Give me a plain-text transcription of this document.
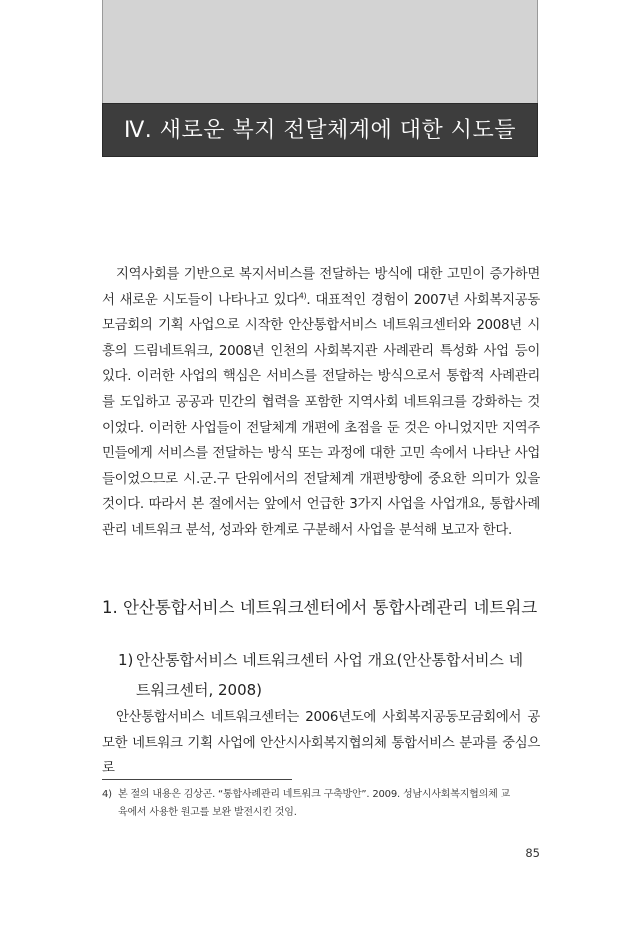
Ⅳ. 새로운 복지 전달체계에 대한 시도들

지역사회를 기반으로 복지서비스를 전달하는 방식에 대한 고민이 증가하면서 새로운 시도들이 나타나고 있다$^{4)}$. 대표적인 경험이 2007년 사회복지공동모금회의 기획 사업으로 시작한 안산통합서비스 네트워크센터와 2008년 시흥의 드림네트워크, 2008년 인천의 사회복지관 사례관리 특성화 사업 등이 있다. 이러한 사업의 핵심은 서비스를 전달하는 방식으로서 통합적 사례관리를 도입하고 공공과 민간의 협력을 포함한 지역사회 네트워크를 강화하는 것이었다. 이러한 사업들이 전달체계 개편에 초점을 둔 것은 아니었지만 지역주민들에게 서비스를 전달하는 방식 또는 과정에 대한 고민 속에서 나타난 사업들이었으므로 시․군․구 단위에서의 전달체계 개편방향에 중요한 의미가 있을 것이다. 따라서 본 절에서는 앞에서 언급한 3가지 사업을 사업개요, 통합사례관리 네트워크 분석, 성과와 한계로 구분해서 사업을 분석해 보고자 한다.

1. 안산통합서비스 네트워크센터에서 통합사례관리 네트워크
1) 안산통합서비스 네트워크센터 사업 개요(안산통합서비스 네
트워크센터, 2008)

안산통합서비스 네트워크센터는 2006년도에 사회복지공동모금회에서 공모한 네트워크 기획 사업에 안산시사회복지협의체 통합서비스 분과를 중심으로

4) 본 절의 내용은 김상곤. “통합사례관리 네트워크 구축방안”. 2009. 성남시사회복지협의체 교
육에서 사용한 원고를 보완 발전시킨 것임.

85
